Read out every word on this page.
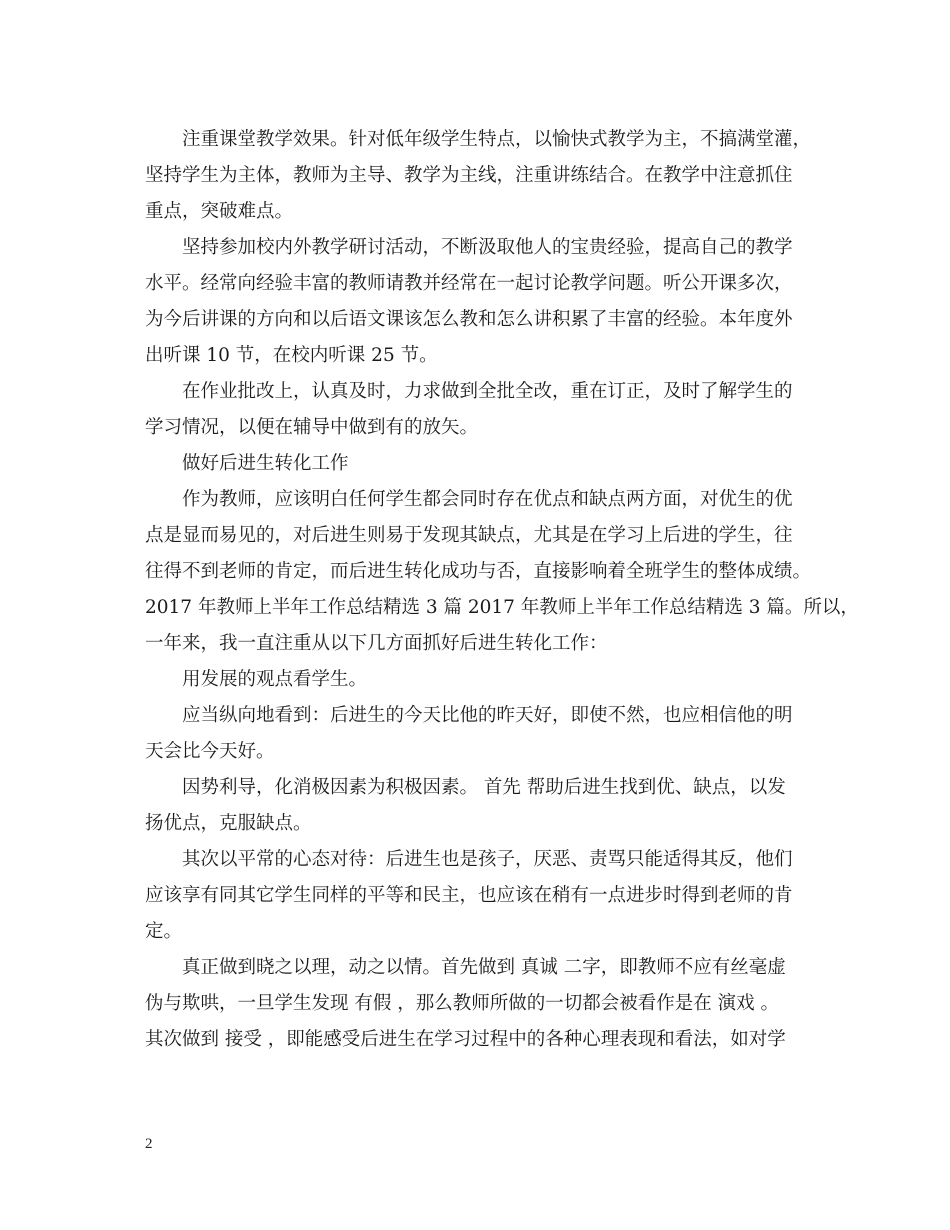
注重课堂教学效果。针对低年级学生特点，以愉快式教学为主，不搞满堂灌，
坚持学生为主体，教师为主导、教学为主线，注重讲练结合。在教学中注意抓住
重点，突破难点。
坚持参加校内外教学研讨活动，不断汲取他人的宝贵经验，提高自己的教学
水平。经常向经验丰富的教师请教并经常在一起讨论教学问题。听公开课多次，
为今后讲课的方向和以后语文课该怎么教和怎么讲积累了丰富的经验。本年度外
出听课 10 节，在校内听课 25 节。
在作业批改上，认真及时，力求做到全批全改，重在订正，及时了解学生的
学习情况，以便在辅导中做到有的放矢。
做好后进生转化工作
作为教师，应该明白任何学生都会同时存在优点和缺点两方面，对优生的优
点是显而易见的，对后进生则易于发现其缺点，尤其是在学习上后进的学生，往
往得不到老师的肯定，而后进生转化成功与否，直接影响着全班学生的整体成绩。
2017 年教师上半年工作总结精选 3 篇 2017 年教师上半年工作总结精选 3 篇。所以，
一年来，我一直注重从以下几方面抓好后进生转化工作：
用发展的观点看学生。
应当纵向地看到：后进生的今天比他的昨天好，即使不然，也应相信他的明
天会比今天好。
因势利导，化消极因素为积极因素。 首先 帮助后进生找到优、缺点，以发
扬优点，克服缺点。
其次以平常的心态对待：后进生也是孩子，厌恶、责骂只能适得其反，他们
应该享有同其它学生同样的平等和民主，也应该在稍有一点进步时得到老师的肯
定。
真正做到晓之以理，动之以情。首先做到 真诚 二字，即教师不应有丝毫虚
伪与欺哄，一旦学生发现 有假 ，那么教师所做的一切都会被看作是在 演戏 。
其次做到 接受 ，即能感受后进生在学习过程中的各种心理表现和看法，如对学
2
